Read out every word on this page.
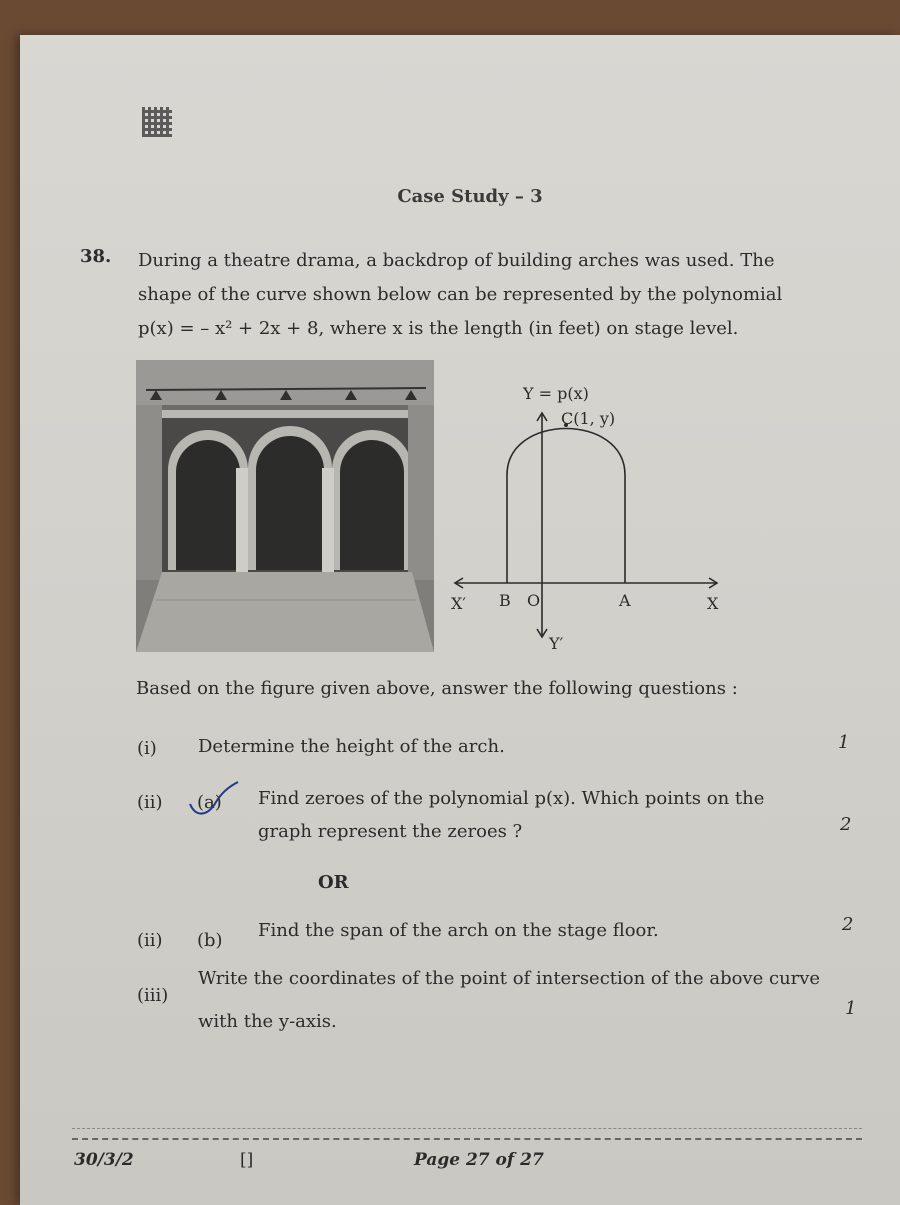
Case Study – 3
38. During a theatre drama, a backdrop of building arches was used. The
shape of the curve shown below can be represented by the polynomial
p(x) = – x² + 2x + 8, where x is the length (in feet) on stage level.
Y = p(x)
C(1, y)
X′ B O	A	X
Y′
Based on the figure given above, answer the following questions :
(i) Determine the height of the arch.	1
(ii) (a) Find zeroes of the polynomial p(x). Which points on the
graph represent the zeroes ?	2
OR
(ii) (b) Find the span of the arch on the stage floor.	2
(iii)
Write the coordinates of the point of intersection of the above curve
with the y-axis.
1
30/3/2	[]	Page 27 of 27
